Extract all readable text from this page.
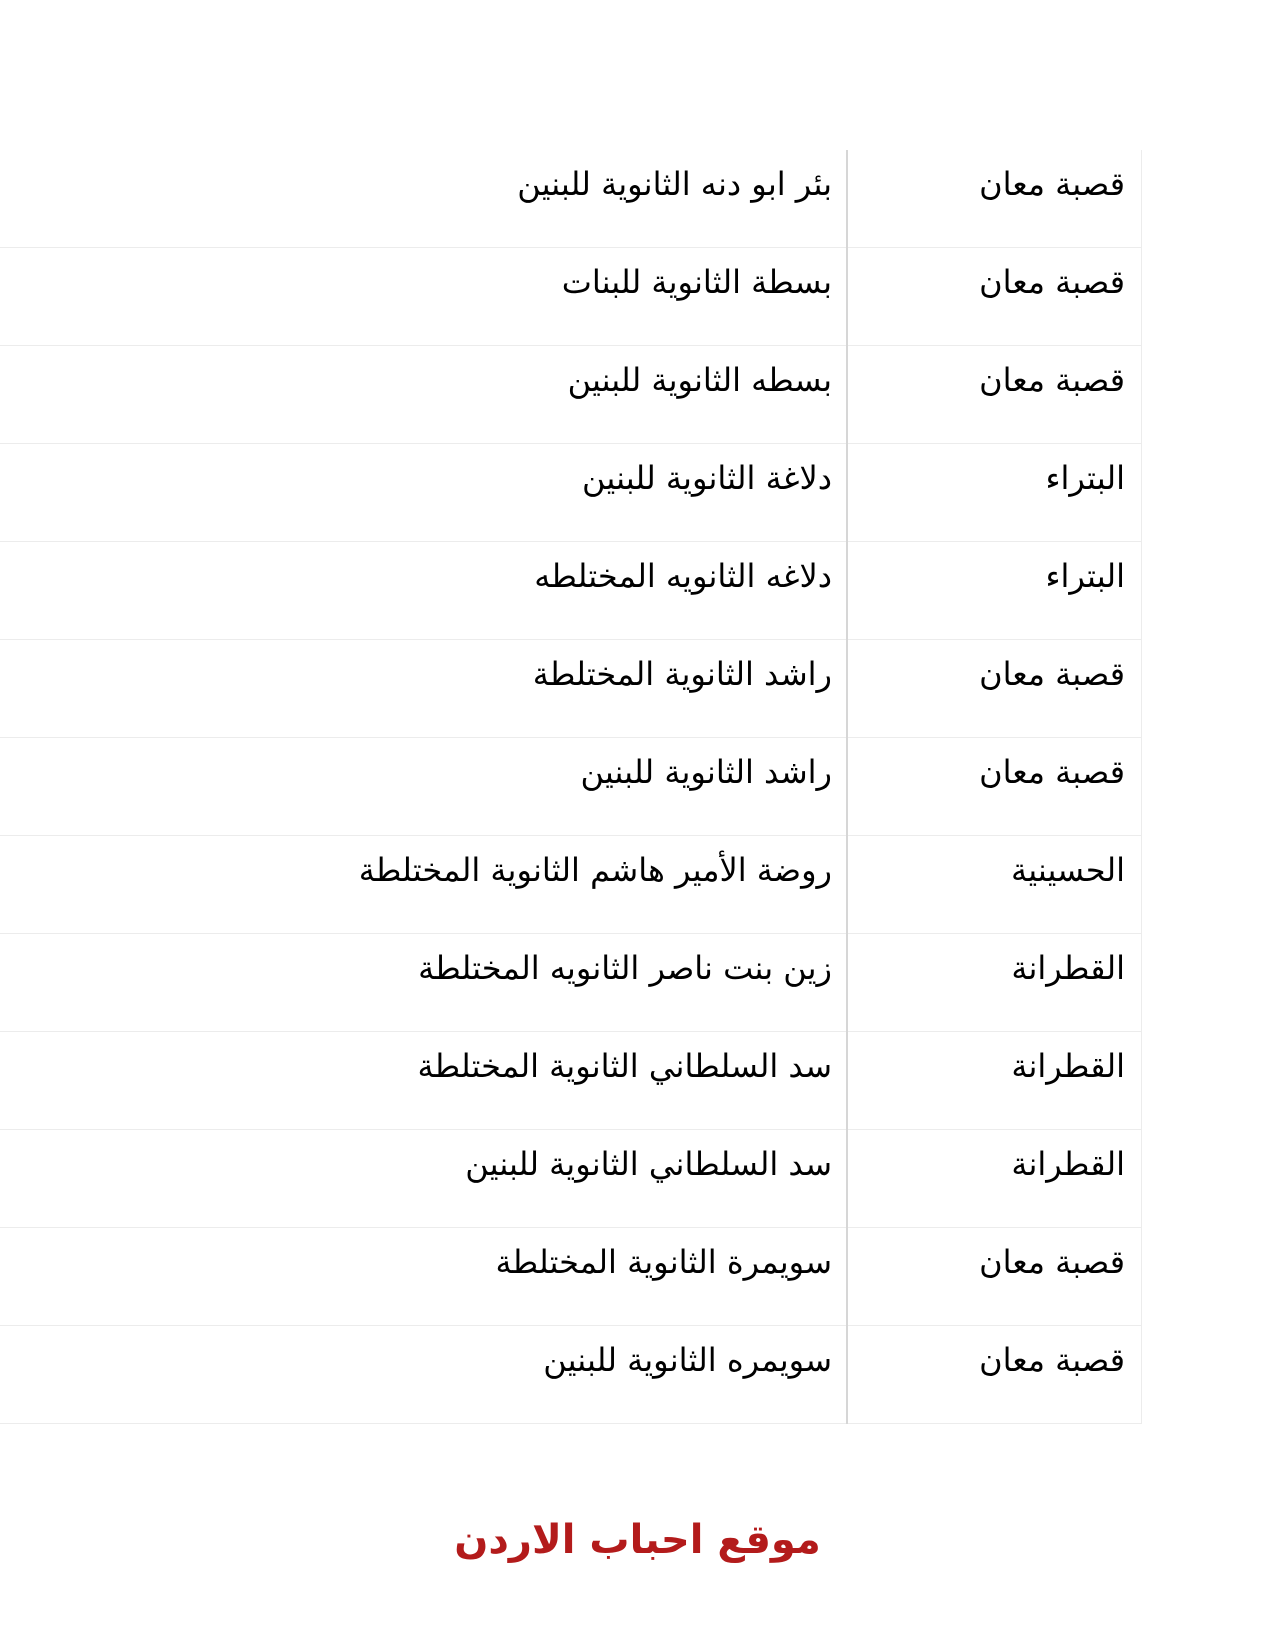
بئر ابو دنه الثانوية للبنين	قصبة معان
بسطة الثانوية للبنات	قصبة معان
بسطه الثانوية للبنين	قصبة معان
دلاغة الثانوية للبنين	البتراء
دلاغه الثانويه المختلطه	البتراء
راشد الثانوية المختلطة	قصبة معان
راشد الثانوية للبنين	قصبة معان
روضة الأمير هاشم الثانوية المختلطة	الحسينية
زين بنت ناصر الثانويه المختلطة	القطرانة
سد السلطاني الثانوية المختلطة	القطرانة
سد السلطاني الثانوية للبنين	القطرانة
سويمرة الثانوية المختلطة	قصبة معان
سويمره الثانوية للبنين	قصبة معان
موقع احباب الاردن
